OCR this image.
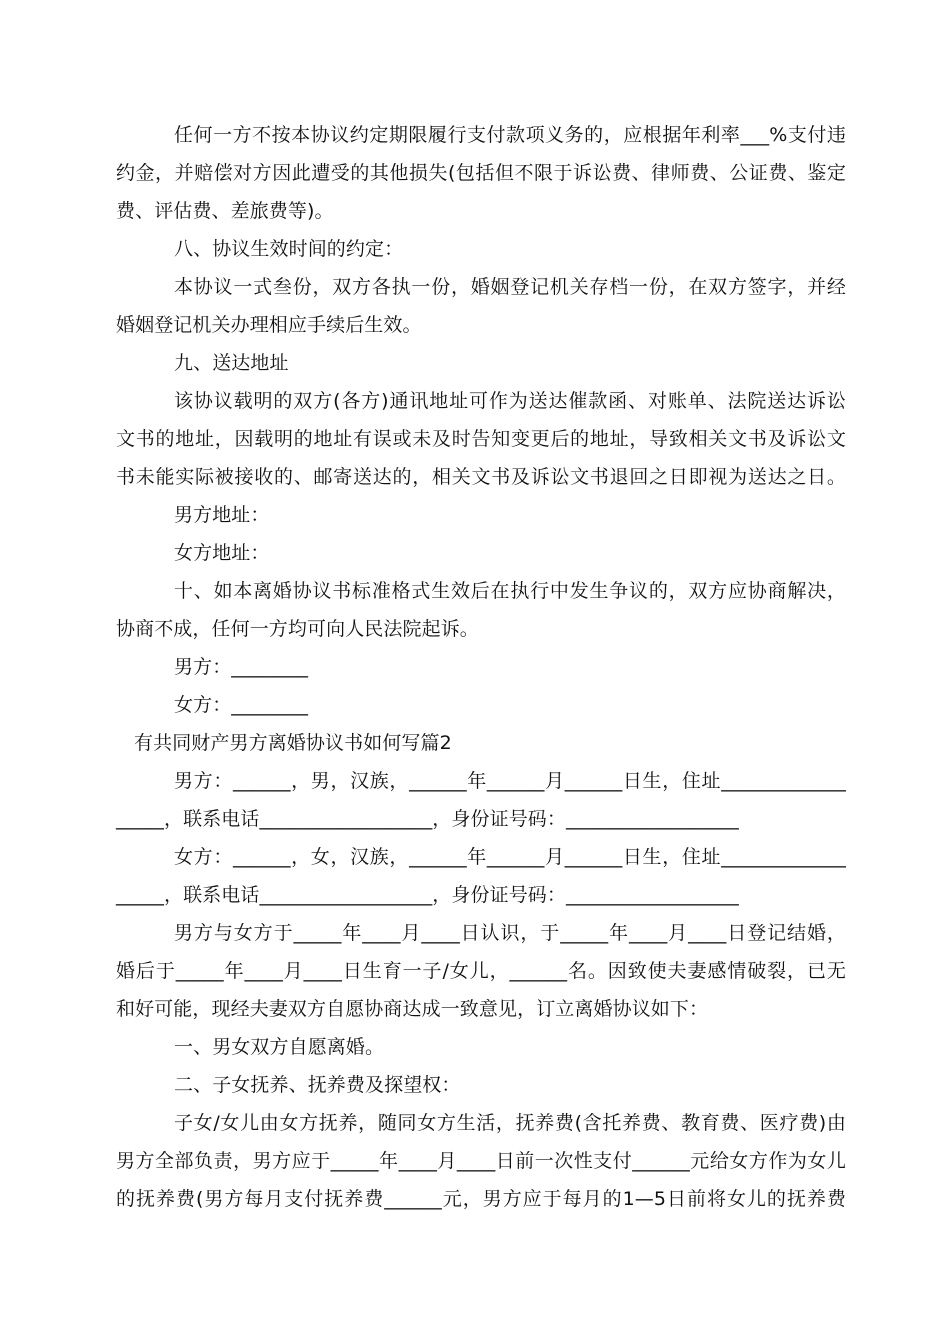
任何一方不按本协议约定期限履行支付款项义务的，应根据年利率___%支付违
约金，并赔偿对方因此遭受的其他损失(包括但不限于诉讼费、律师费、公证费、鉴定
费、评估费、差旅费等)。
八、协议生效时间的约定：
本协议一式叁份，双方各执一份，婚姻登记机关存档一份，在双方签字，并经
婚姻登记机关办理相应手续后生效。
九、送达地址
该协议载明的双方(各方)通讯地址可作为送达催款函、对账单、法院送达诉讼
文书的地址，因载明的地址有误或未及时告知变更后的地址，导致相关文书及诉讼文
书未能实际被接收的、邮寄送达的，相关文书及诉讼文书退回之日即视为送达之日。
男方地址：
女方地址：
十、如本离婚协议书标准格式生效后在执行中发生争议的，双方应协商解决，
协商不成，任何一方均可向人民法院起诉。
男方：________
女方：________
有共同财产男方离婚协议书如何写篇2
男方：______，男，汉族，______年______月______日生，住址_____________
_____，联系电话__________________，身份证号码：__________________
女方：______，女，汉族，______年______月______日生，住址_____________
_____，联系电话__________________，身份证号码：__________________
男方与女方于_____年____月____日认识，于_____年____月____日登记结婚，
婚后于_____年____月____日生育一子/女儿，______名。因致使夫妻感情破裂，已无
和好可能，现经夫妻双方自愿协商达成一致意见，订立离婚协议如下：
一、男女双方自愿离婚。
二、子女抚养、抚养费及探望权：
子女/女儿由女方抚养，随同女方生活，抚养费(含托养费、教育费、医疗费)由
男方全部负责，男方应于_____年____月____日前一次性支付______元给女方作为女儿
的抚养费(男方每月支付抚养费______元，男方应于每月的1—5日前将女儿的抚养费
